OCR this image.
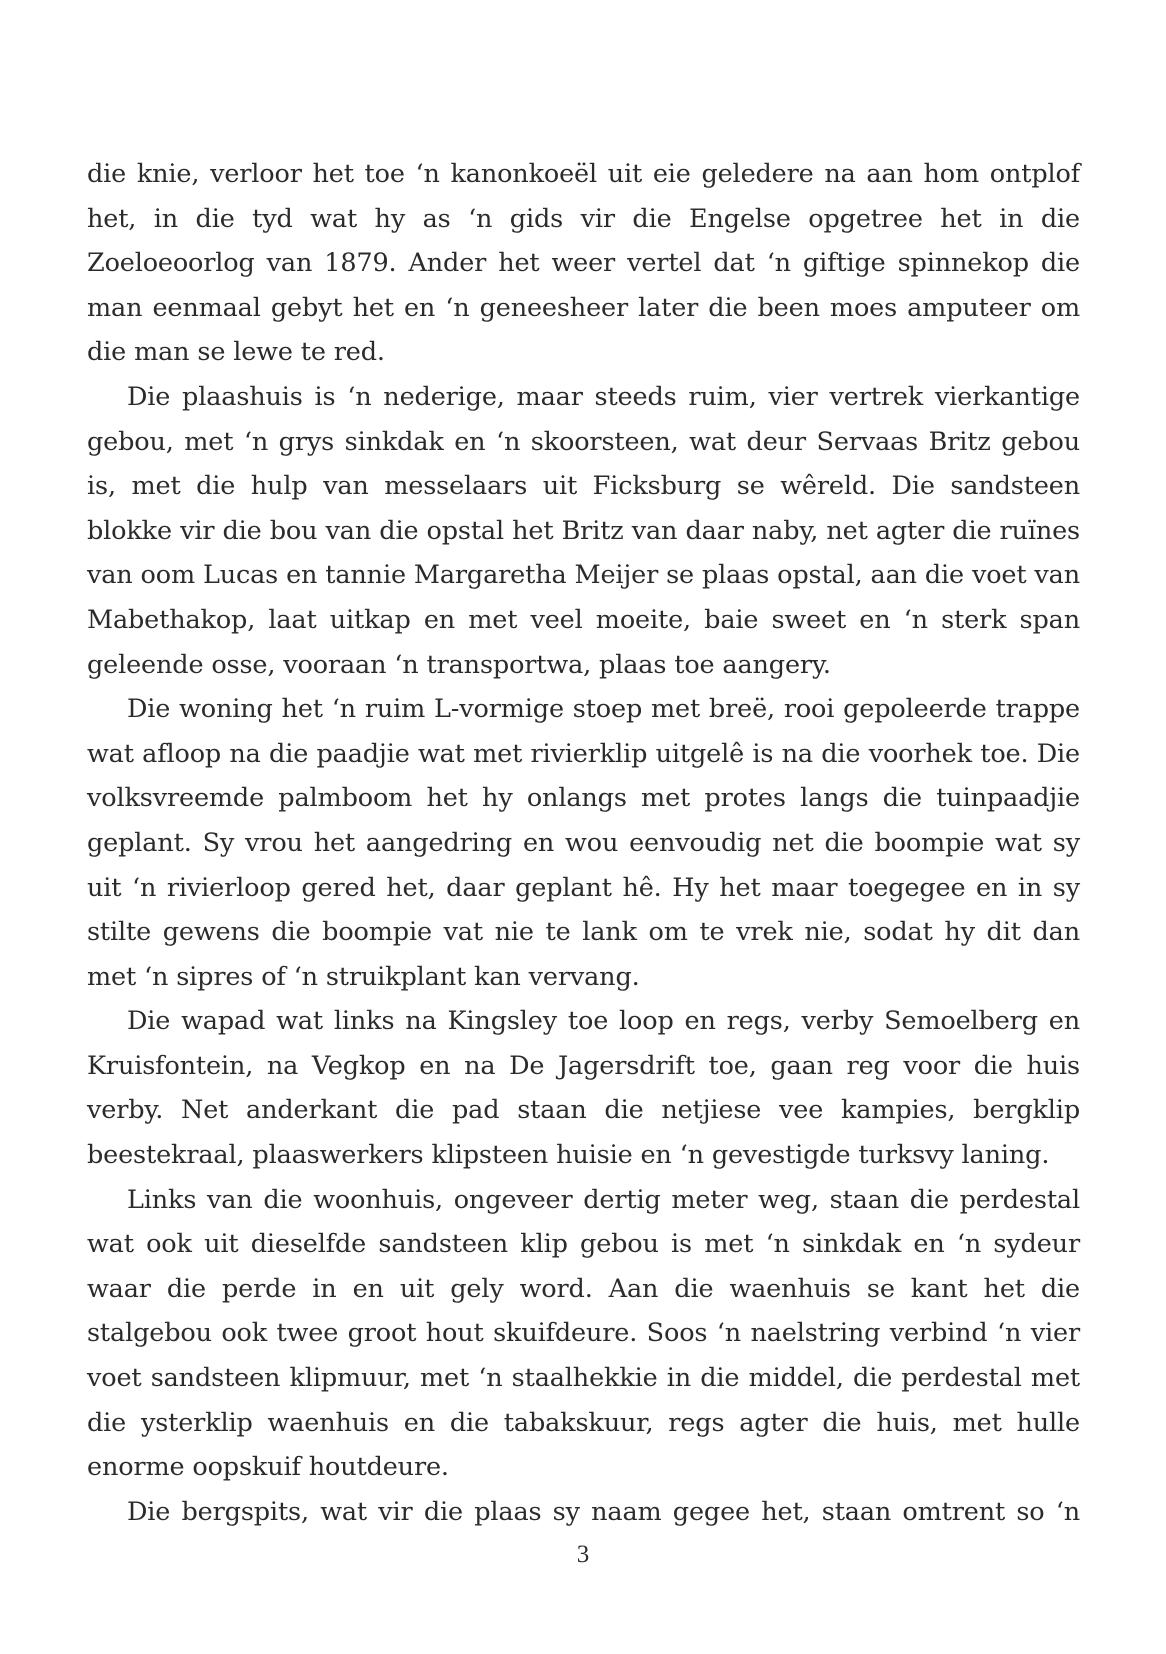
die knie, verloor het toe ‘n kanonkoeël uit eie geledere na aan hom ontplof het, in die tyd wat hy as ‘n gids vir die Engelse opgetree het in die Zoeloeoorlog van 1879. Ander het weer vertel dat ‘n giftige spinnekop die man eenmaal gebyt het en ‘n geneesheer later die been moes amputeer om die man se lewe te red.

Die plaashuis is ‘n nederige, maar steeds ruim, vier vertrek vierkantige gebou, met ‘n grys sinkdak en ‘n skoorsteen, wat deur Servaas Britz gebou is, met die hulp van messelaars uit Ficksburg se wêreld. Die sandsteen blokke vir die bou van die opstal het Britz van daar naby, net agter die ruïnes van oom Lucas en tannie Margaretha Meijer se plaas opstal, aan die voet van Mabethakop, laat uitkap en met veel moeite, baie sweet en ‘n sterk span geleende osse, vooraan ‘n transportwa, plaas toe aangery.

Die woning het ‘n ruim L-vormige stoep met breë, rooi gepoleerde trappe wat afloop na die paadjie wat met rivierklip uitgelê is na die voorhek toe. Die volksvreemde palmboom het hy onlangs met protes langs die tuinpaadjie geplant. Sy vrou het aangedring en wou eenvoudig net die boompie wat sy uit ‘n rivierloop gered het, daar geplant hê. Hy het maar toegegee en in sy stilte gewens die boompie vat nie te lank om te vrek nie, sodat hy dit dan met ‘n sipres of ‘n struikplant kan vervang.

Die wapad wat links na Kingsley toe loop en regs, verby Semoelberg en Kruisfontein, na Vegkop en na De Jagersdrift toe, gaan reg voor die huis verby. Net anderkant die pad staan die netjiese vee kampies, bergklip beestekraal, plaaswerkers klipsteen huisie en ‘n gevestigde turksvy laning.

Links van die woonhuis, ongeveer dertig meter weg, staan die perdestal wat ook uit dieselfde sandsteen klip gebou is met ‘n sinkdak en ‘n sydeur waar die perde in en uit gely word. Aan die waenhuis se kant het die stalgebou ook twee groot hout skuifdeure. Soos ‘n naelstring verbind ‘n vier voet sandsteen klipmuur, met ‘n staalhekkie in die middel, die perdestal met die ysterklip waenhuis en die tabakskuur, regs agter die huis, met hulle enorme oopskuif houtdeure.

Die bergspits, wat vir die plaas sy naam gegee het, staan omtrent so ‘n

3
